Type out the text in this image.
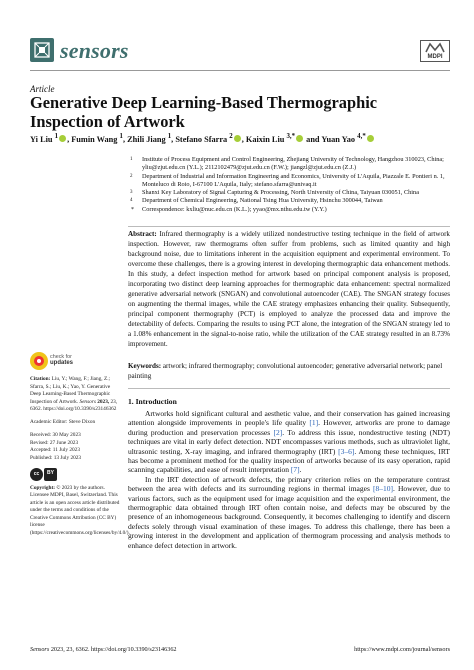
sensors	MDPI
Article
Generative Deep Learning-Based Thermographic Inspection of Artwork
Yi Liu $^1$ , Fumin Wang $^1$, Zhili Jiang $^1$, Stefano Sfarra $^2$ , Kaixin Liu $^{3,*}$ and Yuan Yao $^{4,*}$
1 Institute of Process Equipment and Control Engineering, Zhejiang University of Technology, Hangzhou 310023, China; yliu@zjut.edu.cn (Y.L.); 2112102479@zjut.edu.cn (F.W.); jiangzl@zjut.edu.cn (Z.J.)
2 Department of Industrial and Information Engineering and Economics, University of L'Aquila, Piazzale E. Pontieri n. 1, Monteluco di Roio, I-67100 L'Aquila, Italy; stefano.sfarra@univaq.it
3 Shanxi Key Laboratory of Signal Capturing & Processing, North University of China, Taiyuan 030051, China
4 Department of Chemical Engineering, National Tsing Hua University, Hsinchu 300044, Taiwan
* Correspondence: kxliu@nuc.edu.cn (K.L.); yyao@mx.nthu.edu.tw (Y.Y.)
Abstract: Infrared thermography is a widely utilized nondestructive testing technique in the field of artwork inspection. However, raw thermograms often suffer from problems, such as limited quantity and high background noise, due to limitations inherent in the acquisition equipment and experimental environment. To overcome these challenges, there is a growing interest in developing thermographic data enhancement methods. In this study, a defect inspection method for artwork based on principal component analysis is proposed, incorporating two distinct deep learning approaches for thermographic data enhancement: spectral normalized generative adversarial network (SNGAN) and convolutional autoencoder (CAE). The SNGAN strategy focuses on augmenting the thermal images, while the CAE strategy emphasizes enhancing their quality. Subsequently, principal component thermography (PCT) is employed to analyze the processed data and improve the detectability of defects. Comparing the results to using PCT alone, the integration of the SNGAN strategy led to a 1.08% enhancement in the signal-to-noise ratio, while the utilization of the CAE strategy resulted in an 8.73% improvement.
Keywords: artwork; infrared thermography; convolutional autoencoder; generative adversarial network; panel painting
check for
updates

Citation: Liu, Y.; Wang, F.; Jiang, Z.; Sfarra, S.; Liu, K.; Yao, Y. Generative Deep Learning-Based Thermographic Inspection of Artwork. Sensors 2023, 23, 6362. https://doi.org/10.3390/s23146362

Academic Editor: Steve Dixon

Received: 30 May 2023
Revised: 27 June 2023
Accepted: 11 July 2023

Published: 13 July 2023

cc	BY

Copyright: © 2023 by the authors. Licensee MDPI, Basel, Switzerland. This article is an open access article distributed under the terms and conditions of the Creative Commons Attribution (CC BY) license (https://creativecommons.org/licenses/by/4.0/).

1. Introduction

Artworks hold significant cultural and aesthetic value, and their conservation has gained increasing attention alongside improvements in people's life quality [1]. However, artworks are prone to damage during production and preservation processes [2]. To address this issue, nondestructive testing (NDT) techniques are vital in early defect detection. NDT encompasses various methods, such as ultraviolet light, ultrasonic testing, X-ray imaging, and infrared thermography (IRT) [3–6]. Among these techniques, IRT has become a prominent method for the quality inspection of artworks because of its easy operation, rapid scanning capabilities, and ease of result interpretation [7].

In the IRT detection of artwork defects, the primary criterion relies on the temperature contrast between the area with defects and its surrounding regions in thermal images [8–10]. However, due to various factors, such as the equipment used for image acquisition and the experimental environment, the thermographic data obtained through IRT often contain noise, and defects may be obscured by the presence of an inhomogeneous background. Consequently, it becomes challenging to identify and discern defects solely through visual examination of these images. To address this challenge, there has been a growing interest in the development and application of thermogram processing and analysis methods to enhance defect detection in artwork.

Sensors 2023, 23, 6362. https://doi.org/10.3390/s23146362	https://www.mdpi.com/journal/sensors
